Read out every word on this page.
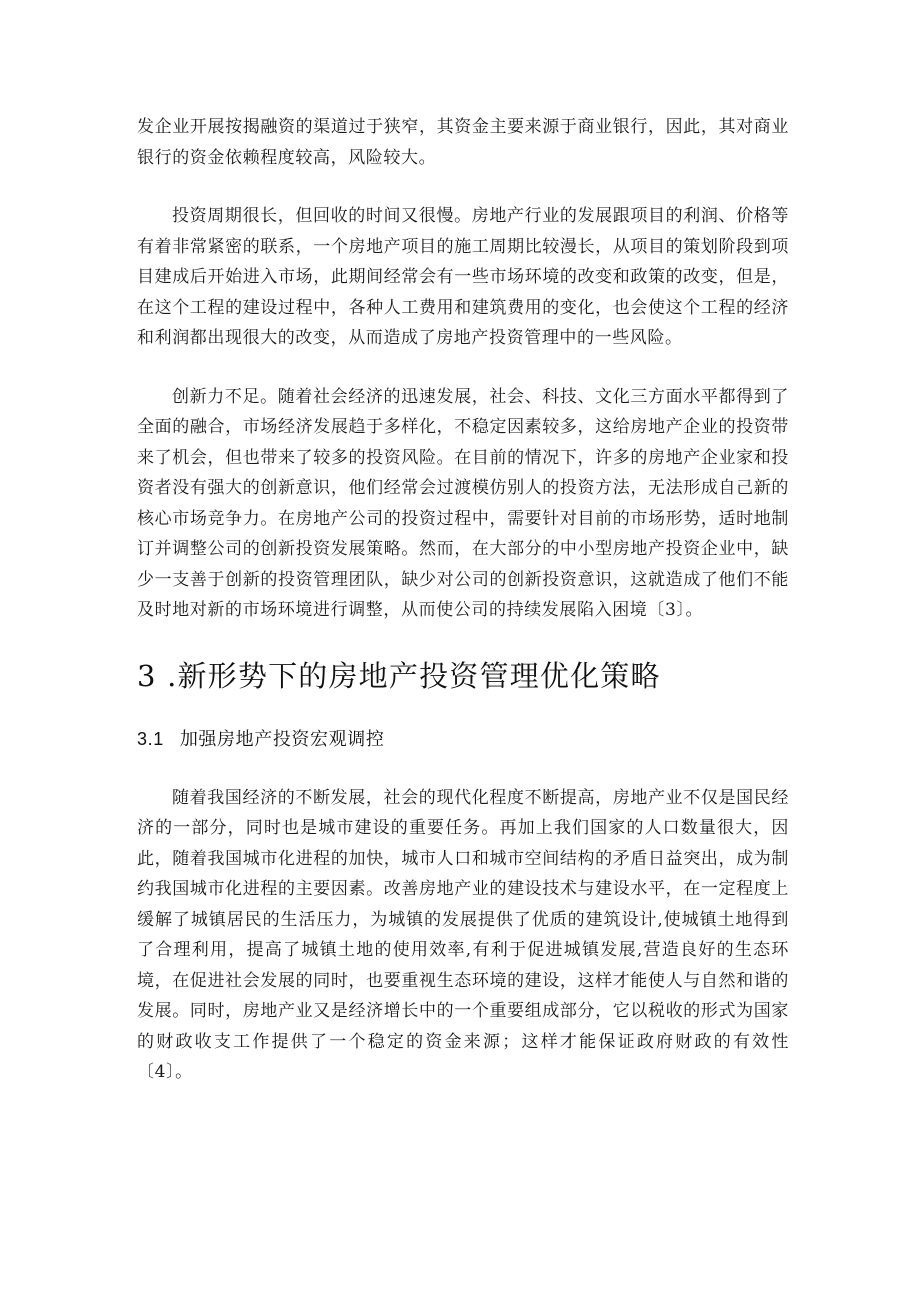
发企业开展按揭融资的渠道过于狭窄，其资金主要来源于商业银行，因此，其对商业银行的资金依赖程度较高，风险较大。

投资周期很长，但回收的时间又很慢。房地产行业的发展跟项目的利润、价格等有着非常紧密的联系，一个房地产项目的施工周期比较漫长，从项目的策划阶段到项目建成后开始进入市场，此期间经常会有一些市场环境的改变和政策的改变，但是，在这个工程的建设过程中，各种人工费用和建筑费用的变化，也会使这个工程的经济和利润都出现很大的改变，从而造成了房地产投资管理中的一些风险。

创新力不足。随着社会经济的迅速发展，社会、科技、文化三方面水平都得到了全面的融合，市场经济发展趋于多样化，不稳定因素较多，这给房地产企业的投资带来了机会，但也带来了较多的投资风险。在目前的情况下，许多的房地产企业家和投资者没有强大的创新意识，他们经常会过渡模仿别人的投资方法，无法形成自己新的核心市场竞争力。在房地产公司的投资过程中，需要针对目前的市场形势，适时地制订并调整公司的创新投资发展策略。然而，在大部分的中小型房地产投资企业中，缺少一支善于创新的投资管理团队，缺少对公司的创新投资意识，这就造成了他们不能及时地对新的市场环境进行调整，从而使公司的持续发展陷入困境〔3〕。

3 .新形势下的房地产投资管理优化策略
3.1 加强房地产投资宏观调控

随着我国经济的不断发展，社会的现代化程度不断提高，房地产业不仅是国民经济的一部分，同时也是城市建设的重要任务。再加上我们国家的人口数量很大，因此，随着我国城市化进程的加快，城市人口和城市空间结构的矛盾日益突出，成为制约我国城市化进程的主要因素。改善房地产业的建设技术与建设水平，在一定程度上缓解了城镇居民的生活压力，为城镇的发展提供了优质的建筑设计,使城镇土地得到了合理利用，提高了城镇土地的使用效率,有利于促进城镇发展,营造良好的生态环境，在促进社会发展的同时，也要重视生态环境的建设，这样才能使人与自然和谐的发展。同时，房地产业又是经济增长中的一个重要组成部分，它以税收的形式为国家的财政收支工作提供了一个稳定的资金来源；这样才能保证政府财政的有效性〔4〕。
